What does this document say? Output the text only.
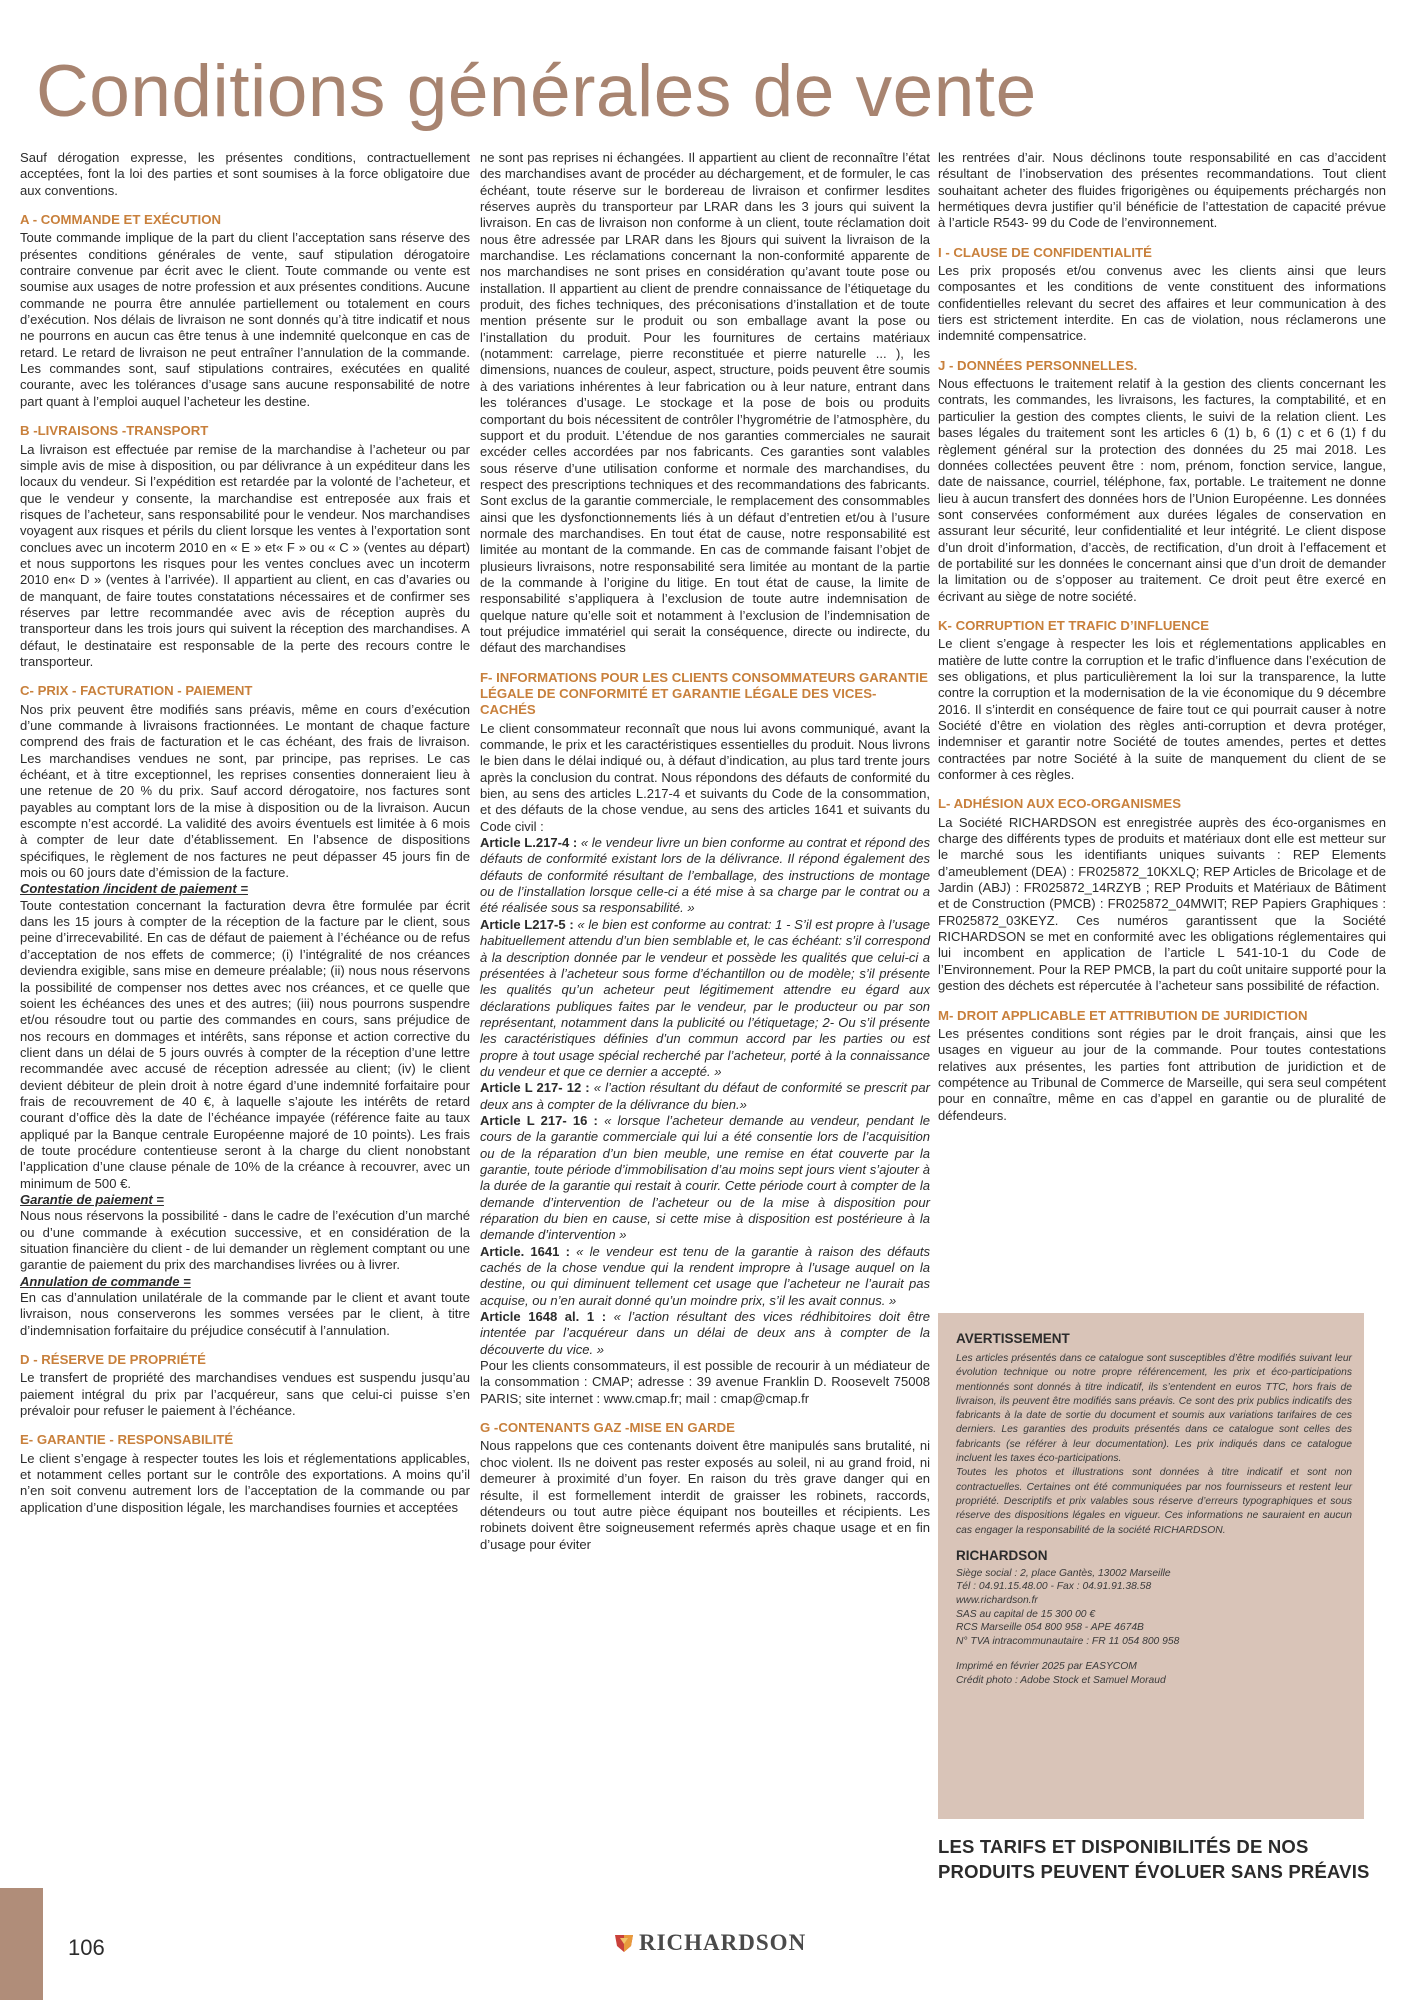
Conditions générales de vente

Sauf dérogation expresse, les présentes conditions, contractuellement acceptées, font la loi des parties et sont soumises à la force obligatoire due aux conventions.

A - COMMANDE ET EXÉCUTION

Toute commande implique de la part du client l’acceptation sans réserve des présentes conditions générales de vente, sauf stipulation dérogatoire contraire convenue par écrit avec le client. Toute commande ou vente est soumise aux usages de notre profession et aux présentes conditions. Aucune commande ne pourra être annulée partiellement ou totalement en cours d’exécution. Nos délais de livraison ne sont donnés qu’à titre indicatif et nous ne pourrons en aucun cas être tenus à une indemnité quelconque en cas de retard. Le retard de livraison ne peut entraîner l’annulation de la commande. Les commandes sont, sauf stipulations contraires, exécutées en qualité courante, avec les tolérances d’usage sans aucune responsabilité de notre part quant à l’emploi auquel l’acheteur les destine.

B -LIVRAISONS -TRANSPORT

La livraison est effectuée par remise de la marchandise à l’acheteur ou par simple avis de mise à disposition, ou par délivrance à un expéditeur dans les locaux du vendeur. Si l’expédition est retardée par la volonté de l’acheteur, et que le vendeur y consente, la marchandise est entreposée aux frais et risques de l’acheteur, sans responsabilité pour le vendeur. Nos marchandises voyagent aux risques et périls du client lorsque les ventes à l’exportation sont conclues avec un incoterm 2010 en « E » et« F » ou « C » (ventes au départ) et nous supportons les risques pour les ventes conclues avec un incoterm 2010 en« D » (ventes à l’arrivée). Il appartient au client, en cas d’avaries ou de manquant, de faire toutes constatations nécessaires et de confirmer ses réserves par lettre recommandée avec avis de réception auprès du transporteur dans les trois jours qui suivent la réception des marchandises. A défaut, le destinataire est responsable de la perte des recours contre le transporteur.

C- PRIX - FACTURATION - PAIEMENT

Nos prix peuvent être modifiés sans préavis, même en cours d’exécution d’une commande à livraisons fractionnées. Le montant de chaque facture comprend des frais de facturation et le cas échéant, des frais de livraison. Les marchandises vendues ne sont, par principe, pas reprises. Le cas échéant, et à titre exceptionnel, les reprises consenties donneraient lieu à une retenue de 20 % du prix. Sauf accord dérogatoire, nos factures sont payables au comptant lors de la mise à disposition ou de la livraison. Aucun escompte n’est accordé. La validité des avoirs éventuels est limitée à 6 mois à compter de leur date d’établissement. En l’absence de dispositions spécifiques, le règlement de nos factures ne peut dépasser 45 jours fin de mois ou 60 jours date d’émission de la facture.

Contestation /incident de paiement =

Toute contestation concernant la facturation devra être formulée par écrit dans les 15 jours à compter de la réception de la facture par le client, sous peine d’irrecevabilité. En cas de défaut de paiement à l’échéance ou de refus d’acceptation de nos effets de commerce; (i) l’intégralité de nos créances deviendra exigible, sans mise en demeure préalable; (ii) nous nous réservons la possibilité de compenser nos dettes avec nos créances, et ce quelle que soient les échéances des unes et des autres; (iii) nous pourrons suspendre et/ou résoudre tout ou partie des commandes en cours, sans préjudice de nos recours en dommages et intérêts, sans réponse et action corrective du client dans un délai de 5 jours ouvrés à compter de la réception d’une lettre recommandée avec accusé de réception adressée au client; (iv) le client devient débiteur de plein droit à notre égard d’une indemnité forfaitaire pour frais de recouvrement de 40 €, à laquelle s’ajoute les intérêts de retard courant d’office dès la date de l’échéance impayée (référence faite au taux appliqué par la Banque centrale Européenne majoré de 10 points). Les frais de toute procédure contentieuse seront à la charge du client nonobstant l’application d’une clause pénale de 10% de la créance à recouvrer, avec un minimum de 500 €.

Garantie de paiement =

Nous nous réservons la possibilité - dans le cadre de l’exécution d’un marché ou d’une commande à exécution successive, et en considération de la situation financière du client - de lui demander un règlement comptant ou une garantie de paiement du prix des marchandises livrées ou à livrer.

Annulation de commande =

En cas d’annulation unilatérale de la commande par le client et avant toute livraison, nous conserverons les sommes versées par le client, à titre d’indemnisation forfaitaire du préjudice consécutif à l’annulation.

D - RÉSERVE DE PROPRIÉTÉ

Le transfert de propriété des marchandises vendues est suspendu jusqu’au paiement intégral du prix par l’acquéreur, sans que celui-ci puisse s’en prévaloir pour refuser le paiement à l’échéance.

E- GARANTIE - RESPONSABILITÉ

Le client s’engage à respecter toutes les lois et réglementations applicables, et notamment celles portant sur le contrôle des exportations. A moins qu’il n’en soit convenu autrement lors de l’acceptation de la commande ou par application d’une disposition légale, les marchandises fournies et acceptées

ne sont pas reprises ni échangées. Il appartient au client de reconnaître l’état des marchandises avant de procéder au déchargement, et de formuler, le cas échéant, toute réserve sur le bordereau de livraison et confirmer lesdites réserves auprès du transporteur par LRAR dans les 3 jours qui suivent la livraison. En cas de livraison non conforme à un client, toute réclamation doit nous être adressée par LRAR dans les 8jours qui suivent la livraison de la marchandise. Les réclamations concernant la non-conformité apparente de nos marchandises ne sont prises en considération qu’avant toute pose ou installation. Il appartient au client de prendre connaissance de l’étiquetage du produit, des fiches techniques, des préconisations d’installation et de toute mention présente sur le produit ou son emballage avant la pose ou l’installation du produit. Pour les fournitures de certains matériaux (notamment: carrelage, pierre reconstituée et pierre naturelle ... ), les dimensions, nuances de couleur, aspect, structure, poids peuvent être soumis à des variations inhérentes à leur fabrication ou à leur nature, entrant dans les tolérances d’usage. Le stockage et la pose de bois ou produits comportant du bois nécessitent de contrôler l’hygrométrie de l’atmosphère, du support et du produit. L’étendue de nos garanties commerciales ne saurait excéder celles accordées par nos fabricants. Ces garanties sont valables sous réserve d’une utilisation conforme et normale des marchandises, du respect des prescriptions techniques et des recommandations des fabricants. Sont exclus de la garantie commerciale, le remplacement des consommables ainsi que les dysfonctionnements liés à un défaut d’entretien et/ou à l’usure normale des marchandises. En tout état de cause, notre responsabilité est limitée au montant de la commande. En cas de commande faisant l’objet de plusieurs livraisons, notre responsabilité sera limitée au montant de la partie de la commande à l’origine du litige. En tout état de cause, la limite de responsabilité s’appliquera à l’exclusion de toute autre indemnisation de quelque nature qu’elle soit et notamment à l’exclusion de l’indemnisation de tout préjudice immatériel qui serait la conséquence, directe ou indirecte, du défaut des marchandises

F- INFORMATIONS POUR LES CLIENTS CONSOMMATEURS GARANTIE LÉGALE DE CONFORMITÉ ET GARANTIE LÉGALE DES VICES-CACHÉS

Le client consommateur reconnaît que nous lui avons communiqué, avant la commande, le prix et les caractéristiques essentielles du produit. Nous livrons le bien dans le délai indiqué ou, à défaut d’indication, au plus tard trente jours après la conclusion du contrat. Nous répondons des défauts de conformité du bien, au sens des articles L.217-4 et suivants du Code de la consommation, et des défauts de la chose vendue, au sens des articles 1641 et suivants du Code civil :

Article L.217-4 : « le vendeur livre un bien conforme au contrat et répond des défauts de conformité existant lors de la délivrance. Il répond également des défauts de conformité résultant de l’emballage, des instructions de montage ou de l’installation lorsque celle-ci a été mise à sa charge par le contrat ou a été réalisée sous sa responsabilité. »

Article L217-5 : « le bien est conforme au contrat: 1 - S’il est propre à l’usage habituellement attendu d’un bien semblable et, le cas échéant: s’il correspond à la description donnée par le vendeur et possède les qualités que celui-ci a présentées à l’acheteur sous forme d’échantillon ou de modèle; s’il présente les qualités qu’un acheteur peut légitimement attendre eu égard aux déclarations publiques faites par le vendeur, par le producteur ou par son représentant, notamment dans la publicité ou l’étiquetage; 2- Ou s’il présente les caractéristiques définies d’un commun accord par les parties ou est propre à tout usage spécial recherché par l’acheteur, porté à la connaissance du vendeur et que ce dernier a accepté. »

Article L 217- 12 : « l’action résultant du défaut de conformité se prescrit par deux ans à compter de la délivrance du bien.»

Article L 217- 16 : « lorsque l’acheteur demande au vendeur, pendant le cours de la garantie commerciale qui lui a été consentie lors de l’acquisition ou de la réparation d’un bien meuble, une remise en état couverte par la garantie, toute période d’immobilisation d’au moins sept jours vient s’ajouter à la durée de la garantie qui restait à courir. Cette période court à compter de la demande d’intervention de l’acheteur ou de la mise à disposition pour réparation du bien en cause, si cette mise à disposition est postérieure à la demande d’intervention »

Article. 1641 : « le vendeur est tenu de la garantie à raison des défauts cachés de la chose vendue qui la rendent impropre à l’usage auquel on la destine, ou qui diminuent tellement cet usage que l’acheteur ne l’aurait pas acquise, ou n’en aurait donné qu’un moindre prix, s’il les avait connus. »

Article 1648 al. 1 : « l’action résultant des vices rédhibitoires doit être intentée par l’acquéreur dans un délai de deux ans à compter de la découverte du vice. »

Pour les clients consommateurs, il est possible de recourir à un médiateur de la consommation : CMAP; adresse : 39 avenue Franklin D. Roosevelt 75008 PARIS; site internet : www.cmap.fr; mail : cmap@cmap.fr

G -CONTENANTS GAZ -MISE EN GARDE

Nous rappelons que ces contenants doivent être manipulés sans brutalité, ni choc violent. Ils ne doivent pas rester exposés au soleil, ni au grand froid, ni demeurer à proximité d’un foyer. En raison du très grave danger qui en résulte, il est formellement interdit de graisser les robinets, raccords, détendeurs ou tout autre pièce équipant nos bouteilles et récipients. Les robinets doivent être soigneusement refermés après chaque usage et en fin d’usage pour éviter

les rentrées d’air. Nous déclinons toute responsabilité en cas d’accident résultant de l’inobservation des présentes recommandations. Tout client souhaitant acheter des fluides frigorigènes ou équipements préchargés non hermétiques devra justifier qu’il bénéficie de l’attestation de capacité prévue à l’article R543- 99 du Code de l’environnement.

I - CLAUSE DE CONFIDENTIALITÉ

Les prix proposés et/ou convenus avec les clients ainsi que leurs composantes et les conditions de vente constituent des informations confidentielles relevant du secret des affaires et leur communication à des tiers est strictement interdite. En cas de violation, nous réclamerons une indemnité compensatrice.

J - DONNÉES PERSONNELLES.

Nous effectuons le traitement relatif à la gestion des clients concernant les contrats, les commandes, les livraisons, les factures, la comptabilité, et en particulier la gestion des comptes clients, le suivi de la relation client. Les bases légales du traitement sont les articles 6 (1) b, 6 (1) c et 6 (1) f du règlement général sur la protection des données du 25 mai 2018. Les données collectées peuvent être : nom, prénom, fonction service, langue, date de naissance, courriel, téléphone, fax, portable. Le traitement ne donne lieu à aucun transfert des données hors de l’Union Européenne. Les données sont conservées conformément aux durées légales de conservation en assurant leur sécurité, leur confidentialité et leur intégrité. Le client dispose d’un droit d’information, d’accès, de rectification, d’un droit à l’effacement et de portabilité sur les données le concernant ainsi que d’un droit de demander la limitation ou de s’opposer au traitement. Ce droit peut être exercé en écrivant au siège de notre société.

K- CORRUPTION ET TRAFIC D’INFLUENCE

Le client s’engage à respecter les lois et réglementations applicables en matière de lutte contre la corruption et le trafic d’influence dans l’exécution de ses obligations, et plus particulièrement la loi sur la transparence, la lutte contre la corruption et la modernisation de la vie économique du 9 décembre 2016. Il s’interdit en conséquence de faire tout ce qui pourrait causer à notre Société d’être en violation des règles anti-corruption et devra protéger, indemniser et garantir notre Société de toutes amendes, pertes et dettes contractées par notre Société à la suite de manquement du client de se conformer à ces règles.

L- ADHÉSION AUX ECO-ORGANISMES

La Société RICHARDSON est enregistrée auprès des éco-organismes en charge des différents types de produits et matériaux dont elle est metteur sur le marché sous les identifiants uniques suivants : REP Elements d’ameublement (DEA) : FR025872_10KXLQ; REP Articles de Bricolage et de Jardin (ABJ) : FR025872_14RZYB ; REP Produits et Matériaux de Bâtiment et de Construction (PMCB) : FR025872_04MWIT; REP Papiers Graphiques : FR025872_03KEYZ. Ces numéros garantissent que la Société RICHARDSON se met en conformité avec les obligations réglementaires qui lui incombent en application de l’article L 541-10-1 du Code de l’Environnement. Pour la REP PMCB, la part du coût unitaire supporté pour la gestion des déchets est répercutée à l’acheteur sans possibilité de réfaction.

M- DROIT APPLICABLE ET ATTRIBUTION DE JURIDICTION

Les présentes conditions sont régies par le droit français, ainsi que les usages en vigueur au jour de la commande. Pour toutes contestations relatives aux présentes, les parties font attribution de juridiction et de compétence au Tribunal de Commerce de Marseille, qui sera seul compétent pour en connaître, même en cas d’appel en garantie ou de pluralité de défendeurs.

AVERTISSEMENT

Les articles présentés dans ce catalogue sont susceptibles d’être modifiés suivant leur évolution technique ou notre propre référencement, les prix et éco-participations mentionnés sont donnés à titre indicatif, ils s’entendent en euros TTC, hors frais de livraison, ils peuvent être modifiés sans préavis. Ce sont des prix publics indicatifs des fabricants à la date de sortie du document et soumis aux variations tarifaires de ces derniers. Les garanties des produits présentés dans ce catalogue sont celles des fabricants (se référer à leur documentation). Les prix indiqués dans ce catalogue incluent les taxes éco-participations.

Toutes les photos et illustrations sont données à titre indicatif et sont non contractuelles. Certaines ont été communiquées par nos fournisseurs et restent leur propriété. Descriptifs et prix valables sous réserve d’erreurs typographiques et sous réserve des dispositions légales en vigueur. Ces informations ne sauraient en aucun cas engager la responsabilité de la société RICHARDSON.

RICHARDSON

Siège social : 2, place Gantès, 13002 Marseille

Tél : 04.91.15.48.00 - Fax : 04.91.91.38.58

www.richardson.fr

SAS au capital de 15 300 00 €

RCS Marseille 054 800 958 - APE 4674B

N° TVA intracommunautaire : FR 11 054 800 958

Imprimé en février 2025 par EASYCOM

Crédit photo : Adobe Stock et Samuel Moraud

LES TARIFS ET DISPONIBILITÉS DE NOS PRODUITS PEUVENT ÉVOLUER SANS PRÉAVIS
106	RICHARDSON
